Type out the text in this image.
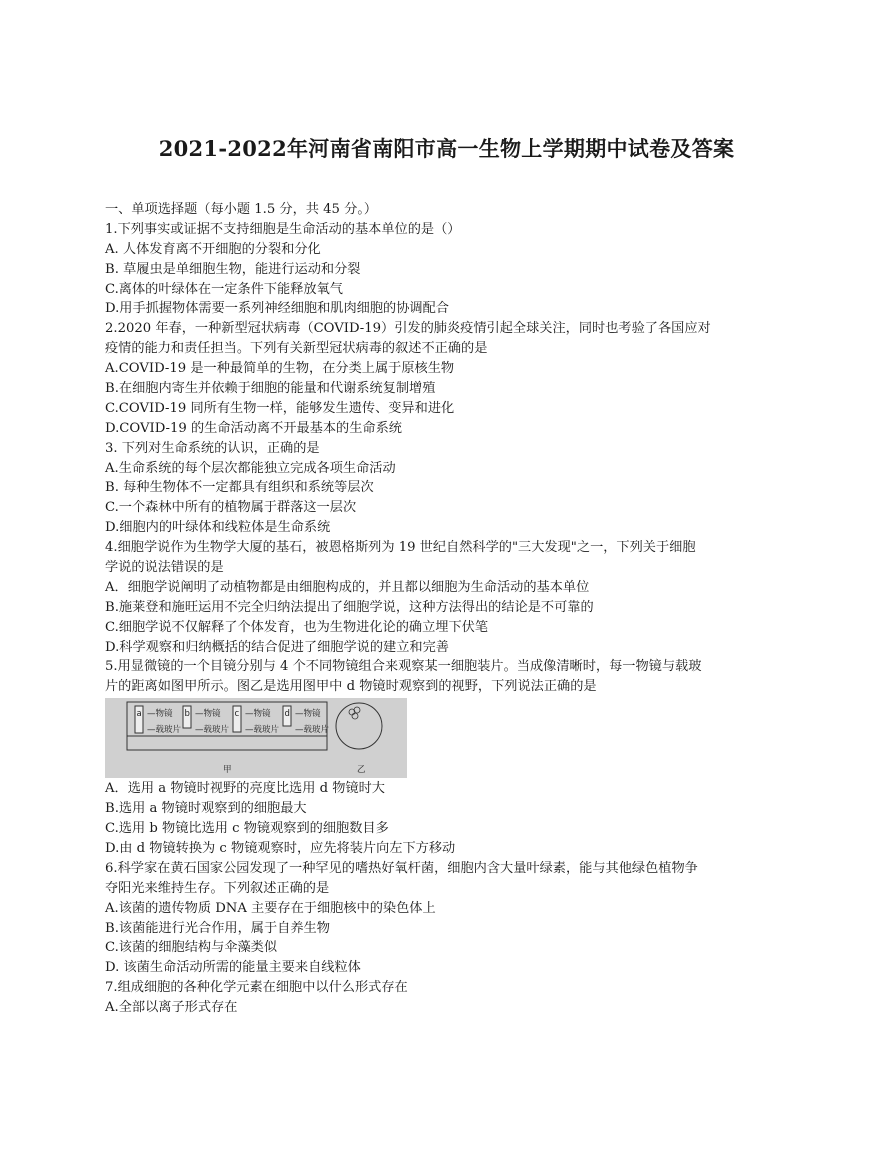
2021-2022年河南省南阳市高一生物上学期期中试卷及答案
一、单项选择题（每小题 1.5 分，共 45 分。）
1.下列事实或证据不支持细胞是生命活动的基本单位的是（）
A. 人体发育离不开细胞的分裂和分化
B. 草履虫是单细胞生物，能进行运动和分裂
C.离体的叶绿体在一定条件下能释放氧气
D.用手抓握物体需要一系列神经细胞和肌肉细胞的协调配合
2.2020 年春，一种新型冠状病毒（COVID-19）引发的肺炎疫情引起全球关注，同时也考验了各国应对
疫情的能力和责任担当。下列有关新型冠状病毒的叙述不正确的是
A.COVID-19 是一种最简单的生物，在分类上属于原核生物
B.在细胞内寄生并依赖于细胞的能量和代谢系统复制增殖
C.COVID-19 同所有生物一样，能够发生遗传、变异和进化
D.COVID-19 的生命活动离不开最基本的生命系统
3. 下列对生命系统的认识，正确的是
A.生命系统的每个层次都能独立完成各项生命活动
B. 每种生物体不一定都具有组织和系统等层次
C.一个森林中所有的植物属于群落这一层次
D.细胞内的叶绿体和线粒体是生命系统
4.细胞学说作为生物学大厦的基石，被恩格斯列为 19 世纪自然科学的"三大发现"之一，下列关于细胞
学说的说法错误的是
A．细胞学说阐明了动植物都是由细胞构成的，并且都以细胞为生命活动的基本单位
B.施莱登和施旺运用不完全归纳法提出了细胞学说，这种方法得出的结论是不可靠的
C.细胞学说不仅解释了个体发育，也为生物进化论的确立埋下伏笔
D.科学观察和归纳概括的结合促进了细胞学说的建立和完善
5.用显微镜的一个目镜分别与 4 个不同物镜组合来观察某一细胞装片。当成像清晰时，每一物镜与载玻
片的距离如图甲所示。图乙是选用图甲中 d 物镜时观察到的视野，下列说法正确的是
a —物镜
—载玻片
b —物镜
—载玻片
c —物镜
—载玻片
d —物镜
—载玻片
甲	乙
A．选用 a 物镜时视野的亮度比选用 d 物镜时大
B.选用 a 物镜时观察到的细胞最大
C.选用 b 物镜比选用 c 物镜观察到的细胞数目多
D.由 d 物镜转换为 c 物镜观察时，应先将装片向左下方移动
6.科学家在黄石国家公园发现了一种罕见的嗜热好氧杆菌，细胞内含大量叶绿素，能与其他绿色植物争
夺阳光来维持生存。下列叙述正确的是
A.该菌的遗传物质 DNA 主要存在于细胞核中的染色体上
B.该菌能进行光合作用，属于自养生物
C.该菌的细胞结构与伞藻类似
D. 该菌生命活动所需的能量主要来自线粒体
7.组成细胞的各种化学元素在细胞中以什么形式存在
A.全部以离子形式存在
